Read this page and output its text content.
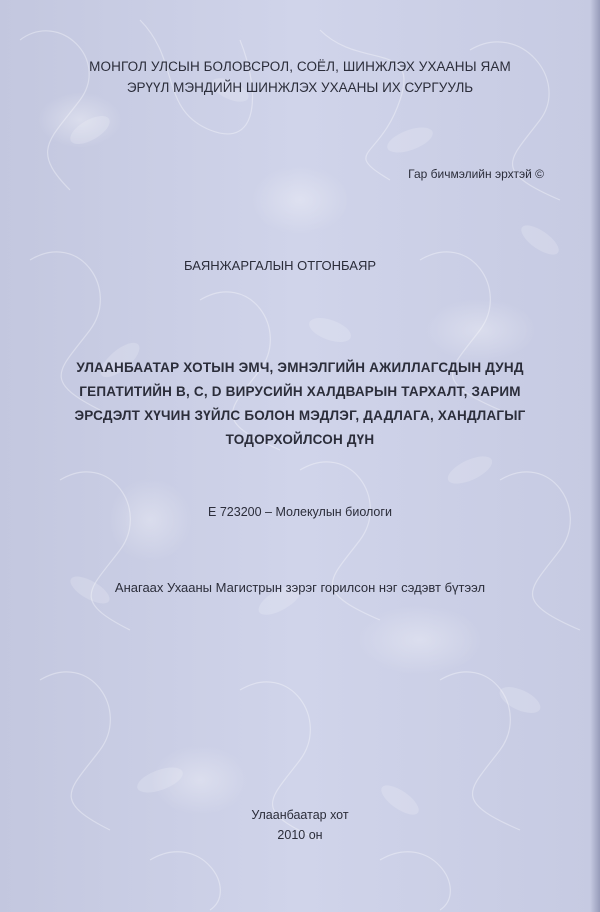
МОНГОЛ УЛСЫН БОЛОВСРОЛ, СОЁЛ, ШИНЖЛЭХ УХААНЫ ЯАМ
ЭРҮҮЛ МЭНДИЙН ШИНЖЛЭХ УХААНЫ ИХ СУРГУУЛЬ
Гар бичмэлийн эрхтэй ©
БАЯНЖАРГАЛЫН ОТГОНБАЯР
УЛААНБААТАР ХОТЫН ЭМЧ, ЭМНЭЛГИЙН АЖИЛЛАГСДЫН ДУНД
ГЕПАТИТИЙН В, С, D ВИРУСИЙН ХАЛДВАРЫН ТАРХАЛТ, ЗАРИМ
ЭРСДЭЛТ ХҮЧИН ЗҮЙЛС БОЛОН МЭДЛЭГ, ДАДЛАГА, ХАНДЛАГЫГ
ТОДОРХОЙЛСОН ДҮН
Е 723200 – Молекулын биологи
Анагаах Ухааны Магистрын зэрэг горилсон нэг сэдэвт бүтээл
Улаанбаатар хот
2010 он
